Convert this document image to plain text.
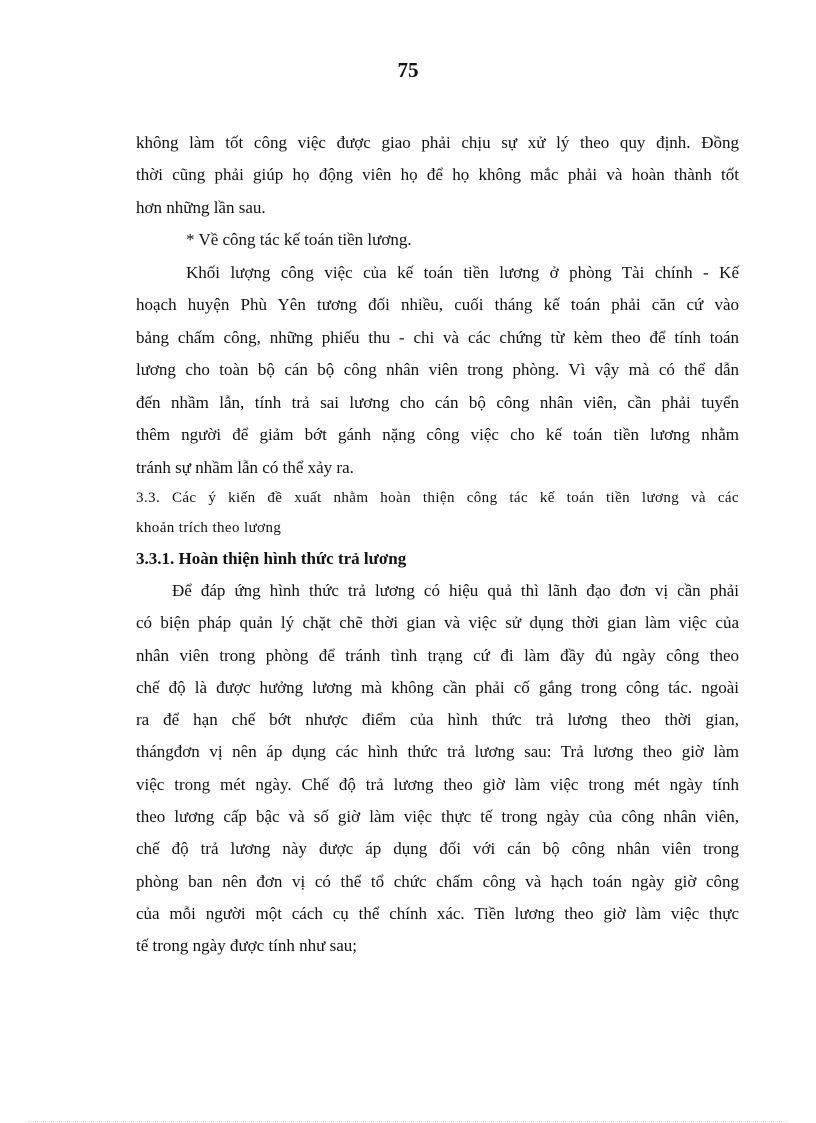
75
không làm tốt công việc được giao phải chịu sự xử lý theo quy định. Đồng
thời cũng phải giúp họ động viên họ để họ không mắc phải và hoàn thành tốt
hơn những lần sau.
* Về công tác kế toán tiền lương.
Khối lượng công việc của kế toán tiền lương ở phòng Tài chính - Kế
hoạch huyện Phù Yên tương đối nhiều, cuối tháng kế toán phải căn cứ vào
bảng chấm công, những phiếu thu - chi và các chứng từ kèm theo để tính toán
lương cho toàn bộ cán bộ công nhân viên trong phòng. Vì vậy mà có thể dẫn
đến nhầm lẫn, tính trả sai lương cho cán bộ công nhân viên, cần phải tuyển
thêm người để giảm bớt gánh nặng công việc cho kế toán tiền lương nhằm
tránh sự nhầm lẫn có thể xảy ra.
3.3. Các ý kiến đề xuất nhằm hoàn thiện công tác kế toán tiền lương và các
khoản trích theo lương
3.3.1. Hoàn thiện hình thức trả lương
Để đáp ứng hình thức trả lương có hiệu quả thì lãnh đạo đơn vị cần phải
có biện pháp quản lý chặt chẽ thời gian và việc sử dụng thời gian làm việc của
nhân viên trong phòng để tránh tình trạng cứ đi làm đầy đủ ngày công theo
chế độ là được hưởng lương mà không cần phải cố gắng trong công tác. ngoài
ra để hạn chế bớt nhược điểm của hình thức trả lương theo thời gian,
thángđơn vị nên áp dụng các hình thức trả lương sau: Trả lương theo giờ làm
việc trong mét ngày. Chế độ trả lương theo giờ làm việc trong mét ngày tính
theo lương cấp bậc và số giờ làm việc thực tế trong ngày của công nhân viên,
chế độ trả lương này được áp dụng đối với cán bộ công nhân viên trong
phòng ban nên đơn vị có thể tổ chức chấm công và hạch toán ngày giờ công
của mỗi người một cách cụ thể chính xác. Tiền lương theo giờ làm việc thực
tế trong ngày được tính như sau;
